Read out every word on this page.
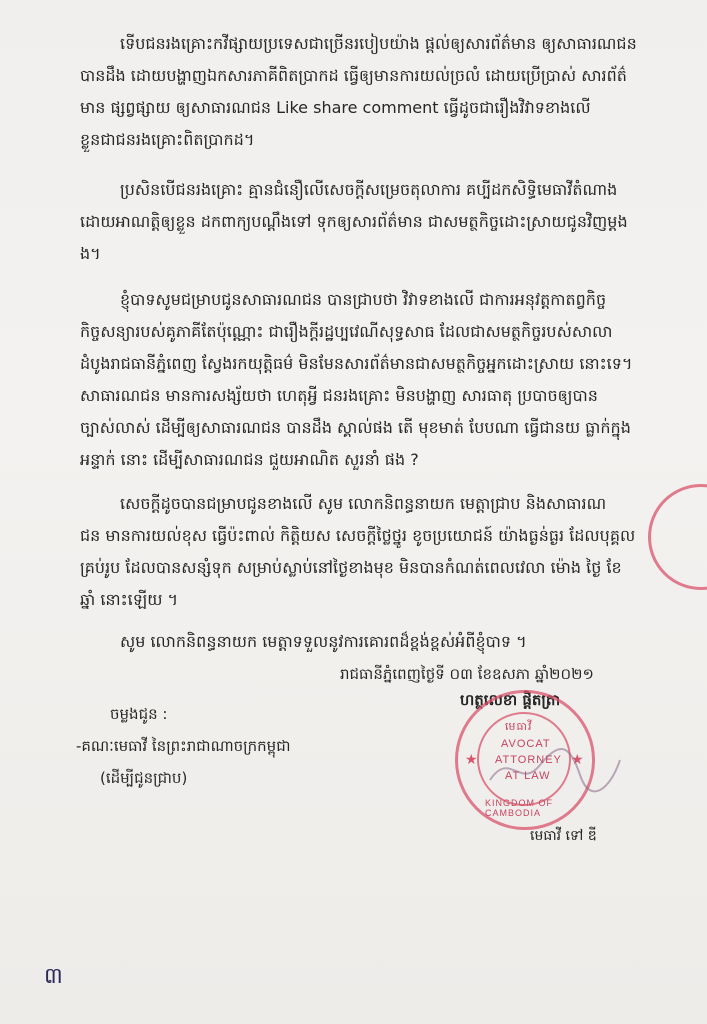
ទើបជនរងគ្រោះកវីផ្សាយប្រទេសជាច្រើនរបៀបយ៉ាង ផ្តល់ឲ្យសារព័ត៌មាន ឲ្យសាធារណជន
បានដឹង ដោយបង្ហាញឯកសារភាគីពិតប្រាកដ ធ្វើឲ្យមានការយល់ច្រលំ ដោយប្រើប្រាស់ សារព័ត៌
មាន ផ្សព្វផ្សាយ ឲ្យសាធារណជន Like share comment ធ្វើដូចជារឿងវិវាទខាងលើ
ខ្លួនជាជនរងគ្រោះពិតប្រាកដ។
ប្រសិនបើជនរងគ្រោះ គ្មានជំនឿលើសេចក្តីសម្រេចតុលាការ គប្បីដកសិទ្ធិមេធាវីតំណាង
ដោយអាណត្តិឲ្យខ្លួន ដកពាក្យបណ្តឹងទៅ ទុកឲ្យសារព័ត៌មាន ជាសមត្ថកិច្ចដោះស្រាយជូនវិញម្តង
ង។
ខ្ញុំបាទសូមជម្រាបជូនសាធារណជន បានជ្រាបថា វិវាទខាងលើ ជាការអនុវត្តកាតព្វកិច្ច
កិច្ចសន្យារបស់គូភាគីតែប៉ុណ្ណោះ ជារឿងក្តីរដ្ឋប្បវេណីសុទ្ធសាធ ដែលជាសមត្ថកិច្ចរបស់សាលា
ដំបូងរាជធានីភ្នំពេញ ស្វែងរកយុត្តិធម៌ មិនមែនសារព័ត៌មានជាសមត្ថកិច្ចអ្នកដោះស្រាយ នោះទេ។
សាធារណជន មានការសង្ស័យថា ហេតុអ្វី ជនរងគ្រោះ មិនបង្ហាញ សារធាតុ ប្របាចឲ្យបាន
ច្បាស់លាស់ ដើម្បីឲ្យសាធារណជន បានដឹង ស្គាល់ផង តើ មុខមាត់ បែបណា ធ្វើជានយ ធ្លាក់ក្នុង
អន្ទាក់ នោះ ដើម្បីសាធារណជន ជួយអាណិត សួរនាំ ផង ?
សេចក្តីដូចបានជម្រាបជូនខាងលើ សូម លោកនិពន្ធនាយក មេត្តាជ្រាប និងសាធារណ
ជន មានការយល់ខុស ធ្វើប៉ះពាល់ កិត្តិយស សេចក្តីថ្លៃថ្នូរ ខូចប្រយោជន៍ យ៉ាងធ្ងន់ធ្ងរ ដែលបុគ្គល
គ្រប់រូប ដែលបានសន្សំទុក សម្រាប់ស្លាប់នៅថ្ងៃខាងមុខ មិនបានកំណត់ពេលវេលា ម៉ោង ថ្ងៃ ខែ
ឆ្នាំ នោះឡើយ ។
សូម លោកនិពន្ធនាយក មេត្តាទទួលនូវការគោរពដ៏ខ្ពង់ខ្ពស់អំពីខ្ញុំបាទ ។
រាជធានីភ្នំពេញថ្ងៃទី ០៣ ខែឧសភា ឆ្នាំ២០២១
ចម្លងជូន :
-គណៈមេធាវី នៃព្រះរាជាណាចក្រកម្ពុជា
(ដើម្បីជូនជ្រាប)
ហត្ថលេខា ផ្តិតត្រា
★	★
មេធាវី
AVOCAT
ATTORNEY
AT LAW
KINGDOM OF CAMBODIA
មេធាវី ទៅ ឌី
៣
